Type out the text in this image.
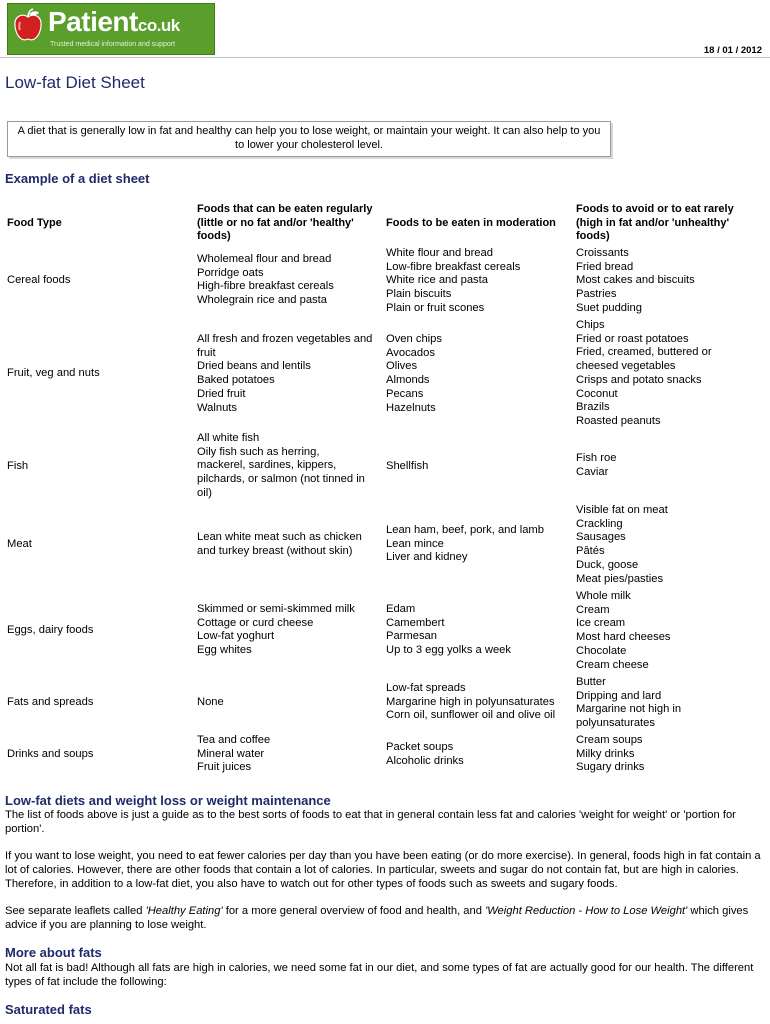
Patientco.uk
Trusted medical information and support
18 / 01 / 2012
Low-fat Diet Sheet
A diet that is generally low in fat and healthy can help you to lose weight, or maintain your weight. It can also help to you to lower your cholesterol level.
Example of a diet sheet
Food Type
Foods that can be eaten regularly (little or no fat and/or 'healthy' foods)
Foods to be eaten in moderation
Foods to avoid or to eat rarely (high in fat and/or 'unhealthy' foods)
Cereal foods
Wholemeal flour and bread
Porridge oats
High-fibre breakfast cereals
Wholegrain rice and pasta
White flour and bread
Low-fibre breakfast cereals
White rice and pasta
Plain biscuits
Plain or fruit scones
Croissants
Fried bread
Most cakes and biscuits
Pastries
Suet pudding
Fruit, veg and nuts
All fresh and frozen vegetables and
fruit
Dried beans and lentils
Baked potatoes
Dried fruit
Walnuts
Oven chips
Avocados
Olives
Almonds
Pecans
Hazelnuts
Chips
Fried or roast potatoes
Fried, creamed, buttered or
cheesed vegetables
Crisps and potato snacks
Coconut
Brazils
Roasted peanuts
Fish
All white fish
Oily fish such as herring,
mackerel, sardines, kippers,
pilchards, or salmon (not tinned in
oil)
Shellfish
Fish roe
Caviar
Meat
Lean white meat such as chicken
and turkey breast (without skin)
Lean ham, beef, pork, and lamb
Lean mince
Liver and kidney
Visible fat on meat
Crackling
Sausages
Pâtés
Duck, goose
Meat pies/pasties
Eggs, dairy foods
Skimmed or semi-skimmed milk
Cottage or curd cheese
Low-fat yoghurt
Egg whites
Edam
Camembert
Parmesan
Up to 3 egg yolks a week
Whole milk
Cream
Ice cream
Most hard cheeses
Chocolate
Cream cheese
Fats and spreads	None
Low-fat spreads
Margarine high in polyunsaturates
Corn oil, sunflower oil and olive oil
Butter
Dripping and lard
Margarine not high in
polyunsaturates
Drinks and soups
Tea and coffee
Mineral water
Fruit juices
Packet soups
Alcoholic drinks
Cream soups
Milky drinks
Sugary drinks
Low-fat diets and weight loss or weight maintenance

The list of foods above is just a guide as to the best sorts of foods to eat that in general contain less fat and calories 'weight for weight' or 'portion for portion'.

If you want to lose weight, you need to eat fewer calories per day than you have been eating (or do more exercise). In general, foods high in fat contain a lot of calories. However, there are other foods that contain a lot of calories. In particular, sweets and sugar do not contain fat, but are high in calories. Therefore, in addition to a low-fat diet, you also have to watch out for other types of foods such as sweets and sugary foods.

See separate leaflets called 'Healthy Eating' for a more general overview of food and health, and 'Weight Reduction - How to Lose Weight' which gives advice if you are planning to lose weight.

More about fats

Not all fat is bad! Although all fats are high in calories, we need some fat in our diet, and some types of fat are actually good for our health. The different types of fat include the following:

Saturated fats
